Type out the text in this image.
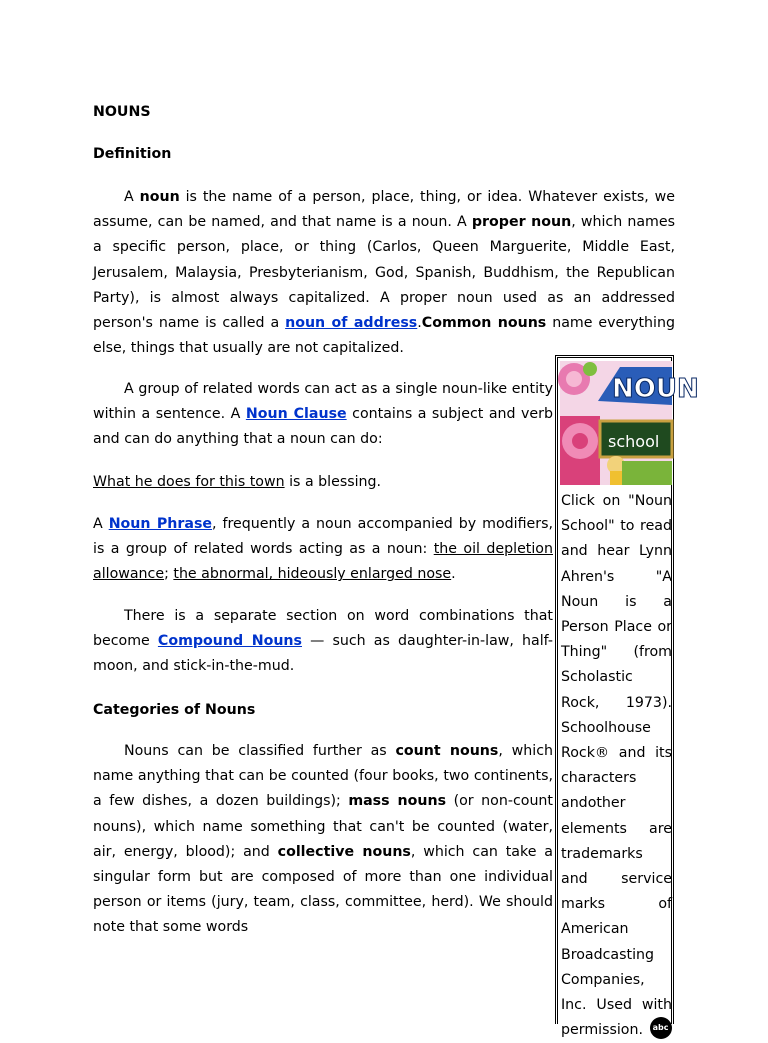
NOUNS
Definition

A noun is the name of a person, place, thing, or idea. Whatever exists, we assume, can be named, and that name is a noun. A proper noun, which names a specific person, place, or thing (Carlos, Queen Marguerite, Middle East, Jerusalem, Malaysia, Presbyterianism, God, Spanish, Buddhism, the Republican Party), is almost always capitalized. A proper noun used as an addressed person's name is called a noun of address.Common nouns name everything else, things that usually are not capitalized.

A group of related words can act as a single noun-like entity within a sentence. A Noun Clause contains a subject and verb and can do anything that a noun can do:

What he does for this town is a blessing.

A Noun Phrase, frequently a noun accompanied by modifiers, is a group of related words acting as a noun: the oil depletion allowance; the abnormal, hideously enlarged nose.

There is a separate section on word combinations that become Compound Nouns — such as daughter-in-law, half-moon, and stick-in-the-mud.

Categories of Nouns

Nouns can be classified further as count nouns, which name anything that can be counted (four books, two continents, a few dishes, a dozen buildings); mass nouns (or non-count nouns), which name something that can't be counted (water, air, energy, blood); and collective nouns, which can take a singular form but are composed of more than one individual person or items (jury, team, class, committee, herd). We should note that some words

NOUN
school
Click on "Noun School" to read and hear Lynn Ahren's "A Noun is a Person Place or Thing" (from Scholastic Rock, 1973). Schoolhouse Rock® and its characters andother elements are trademarks and service marks of American Broadcasting Companies, Inc. Used with permission. abc
